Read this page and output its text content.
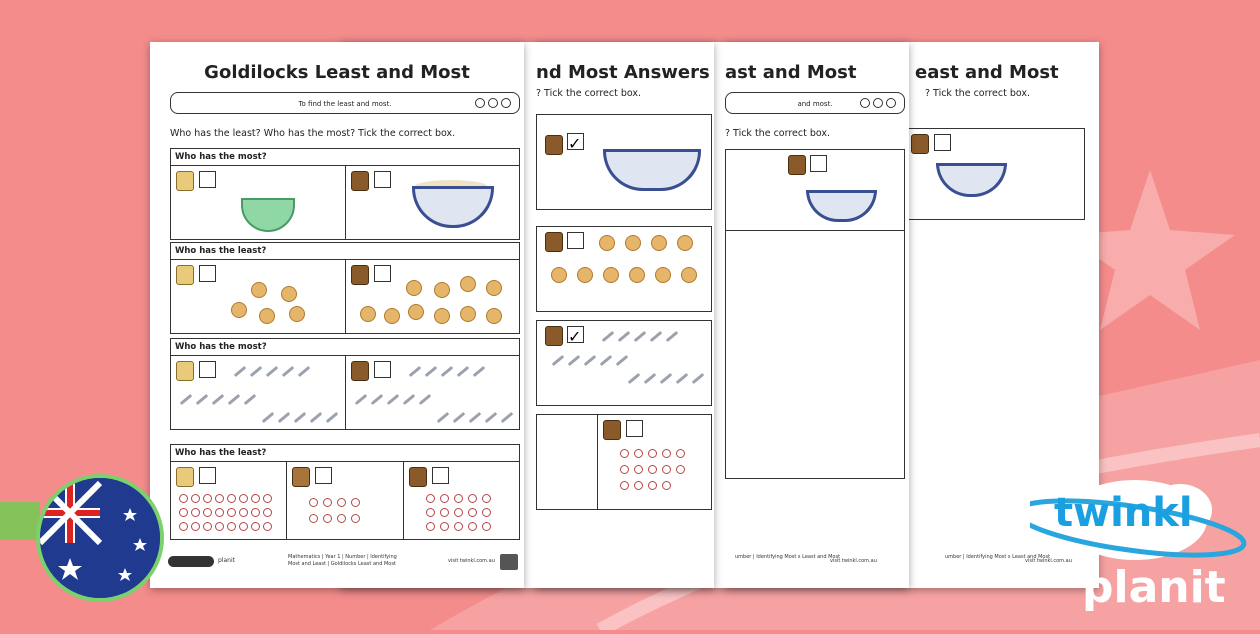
east and Most
? Tick the correct box.
umber | Identifying Most s Least and Most
visit twinkl.com.au
ast and Most
and most.
? Tick the correct box.
umber | Identifying Most s Least and Most
visit twinkl.com.au
nd Most Answers
? Tick the correct box.
✓
✓
Goldilocks Least and Most
To find the least and most.
Who has the least? Who has the most? Tick the correct box.
Who has the most?
Who has the least?
Who has the most?
Who has the least?
planit	Mathematics | Year 1 | Number | Identifying Most and Least | Goldilocks Least and Most	visit twinkl.com.au
twinkl
planit
